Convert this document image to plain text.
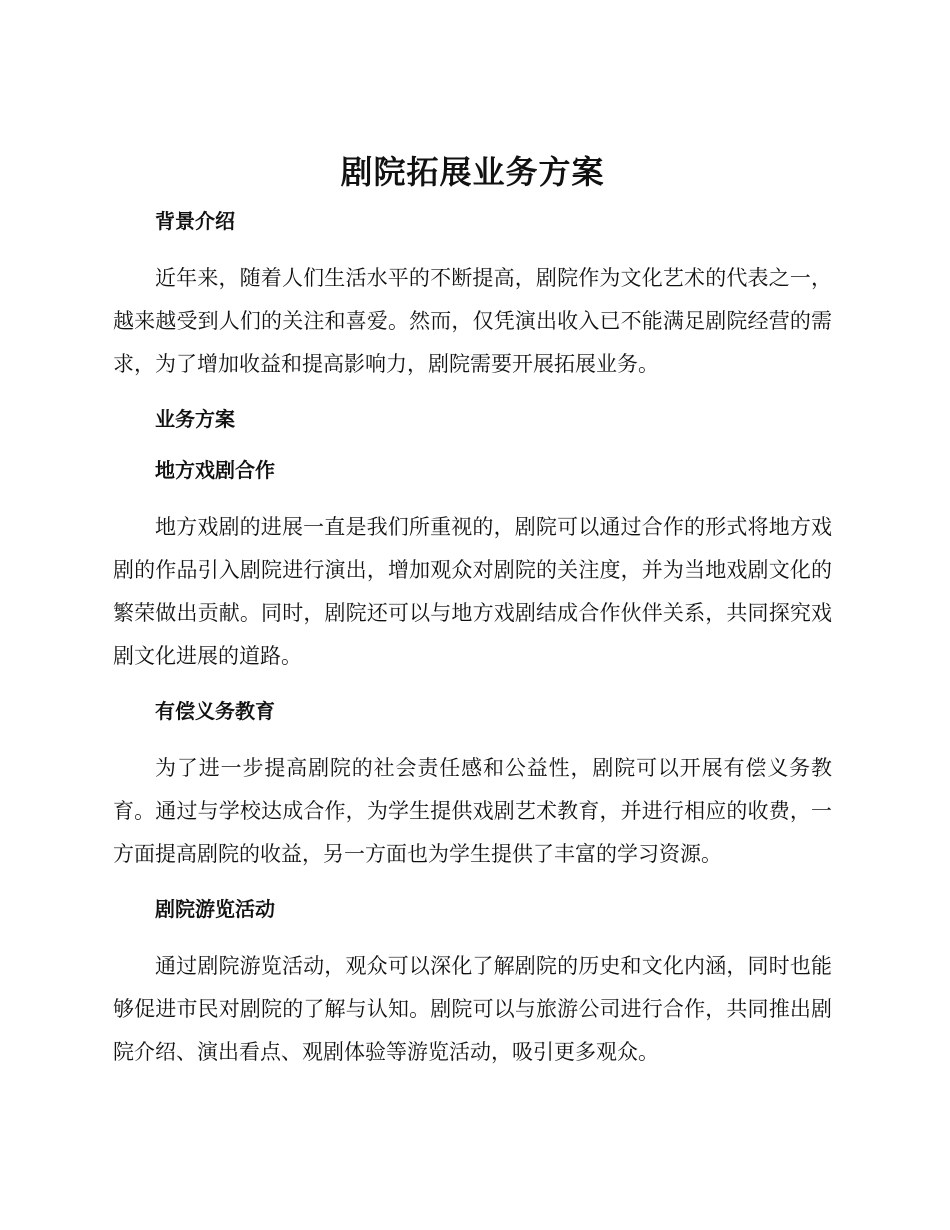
剧院拓展业务方案
背景介绍

近年来，随着人们生活水平的不断提高，剧院作为文化艺术的代表之一，越来越受到人们的关注和喜爱。然而，仅凭演出收入已不能满足剧院经营的需求，为了增加收益和提高影响力，剧院需要开展拓展业务。

业务方案
地方戏剧合作

地方戏剧的进展一直是我们所重视的，剧院可以通过合作的形式将地方戏剧的作品引入剧院进行演出，增加观众对剧院的关注度，并为当地戏剧文化的繁荣做出贡献。同时，剧院还可以与地方戏剧结成合作伙伴关系，共同探究戏剧文化进展的道路。

有偿义务教育

为了进一步提高剧院的社会责任感和公益性，剧院可以开展有偿义务教育。通过与学校达成合作，为学生提供戏剧艺术教育，并进行相应的收费，一方面提高剧院的收益，另一方面也为学生提供了丰富的学习资源。

剧院游览活动

通过剧院游览活动，观众可以深化了解剧院的历史和文化内涵，同时也能够促进市民对剧院的了解与认知。剧院可以与旅游公司进行合作，共同推出剧院介绍、演出看点、观剧体验等游览活动，吸引更多观众。
